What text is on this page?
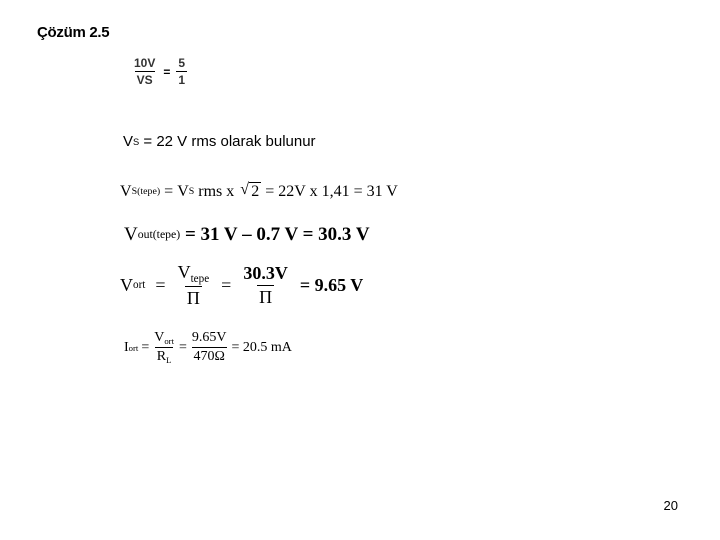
Çözüm 2.5
$\frac{10V}{VS} = \frac{5}{1}$
V S = 22 V rms olarak bulunur
V S(tepe) = V S rms x
√ 2 = 22V x 1,41 = 31 V
V out(tepe) = 31 V – 0.7 V = 30.3 V
V ort = $\frac{V_{tepe}}{\Pi} = \frac{30.3V}{\Pi} = 9.65$ V
I ort = $\frac{V_{ort}}{R_L} = \frac{9.65V}{470\Omega} = 20.5$ mA
20
